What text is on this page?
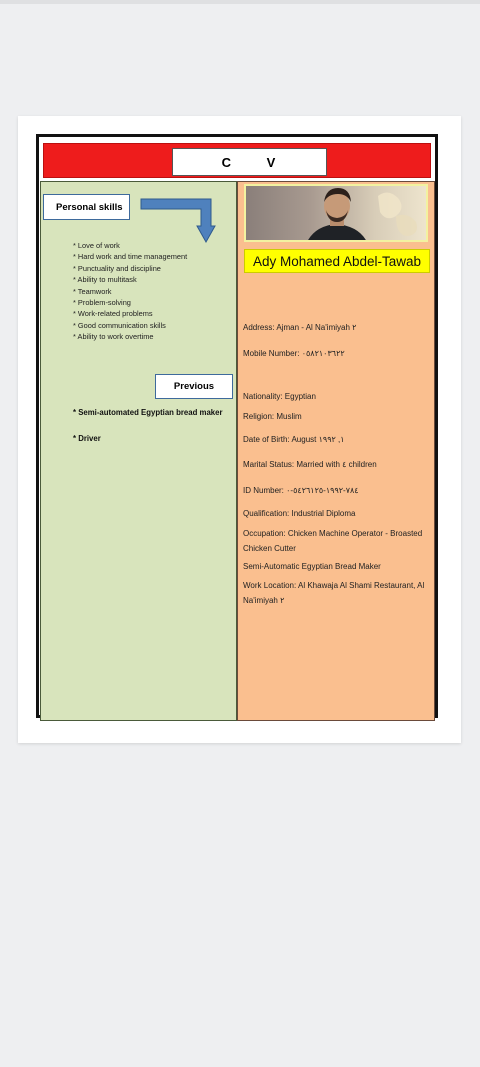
C V
Personal skills
* Love of work
* Hard work and time management
* Punctuality and discipline
* Ability to multitask
* Teamwork
* Problem-solving
* Work-related problems
* Good communication skills
* Ability to work overtime
Previous
* Semi-automated Egyptian bread maker
* Driver
Ady Mohamed Abdel-Tawab
Address: Ajman - Al Na'imiyah ٢
Mobile Number: ٠٥٨٢١٠٣٦٢٢
Nationality: Egyptian
Religion: Muslim
Date of Birth: August ١, ١٩٩٢
Marital Status: Married with ٤ children
ID Number: ٧٨٤-١٩٩٢-٥٤٢٦١٢٥-٠
Qualification: Industrial Diploma
Occupation: Chicken Machine Operator - Broasted Chicken Cutter
Semi-Automatic Egyptian Bread Maker
Work Location: Al Khawaja Al Shami Restaurant, Al Na'imiyah ٢
